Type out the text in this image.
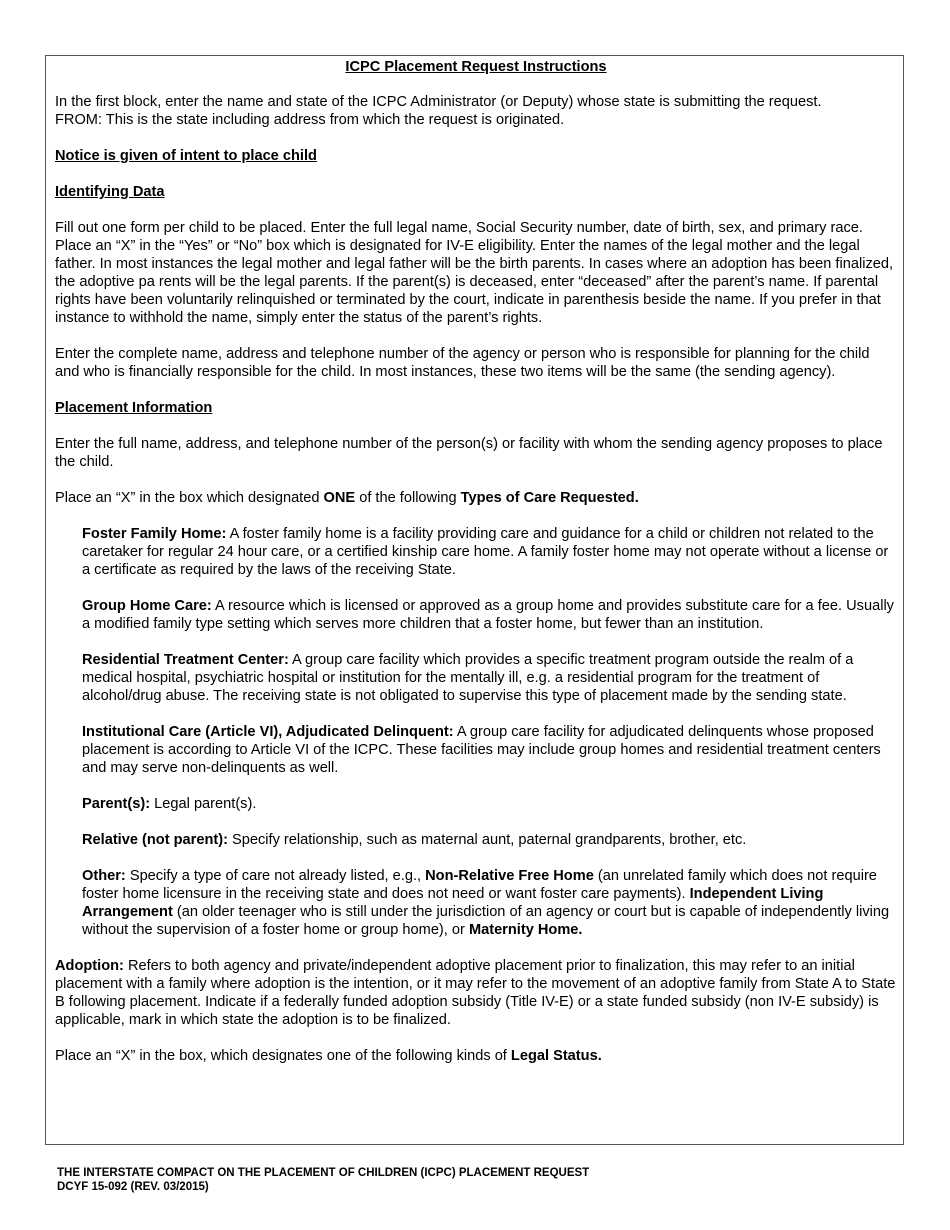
ICPC Placement Request Instructions

In the first block, enter the name and state of the ICPC Administrator (or Deputy) whose state is submitting the request.
FROM: This is the state including address from which the request is originated.

Notice is given of intent to place child
Identifying Data

Fill out one form per child to be placed. Enter the full legal name, Social Security number, date of birth, sex, and primary race. Place an “X” in the “Yes” or “No” box which is designated for IV-E eligibility. Enter the names of the legal mother and the legal father. In most instances the legal mother and legal father will be the birth parents. In cases where an adoption has been finalized, the adoptive pa rents will be the legal parents. If the parent(s) is deceased, enter “deceased” after the parent’s name. If parental rights have been voluntarily relinquished or terminated by the court, indicate in parenthesis beside the name. If you prefer in that instance to withhold the name, simply enter the status of the parent’s rights.

Enter the complete name, address and telephone number of the agency or person who is responsible for planning for the child and who is financially responsible for the child. In most instances, these two items will be the same (the sending agency).

Placement Information

Enter the full name, address, and telephone number of the person(s) or facility with whom the sending agency proposes to place the child.

Place an “X” in the box which designated ONE of the following Types of Care Requested.

Foster Family Home: A foster family home is a facility providing care and guidance for a child or children not related to the caretaker for regular 24 hour care, or a certified kinship care home. A family foster home may not operate without a license or a certificate as required by the laws of the receiving State.

Group Home Care: A resource which is licensed or approved as a group home and provides substitute care for a fee. Usually a modified family type setting which serves more children that a foster home, but fewer than an institution.

Residential Treatment Center: A group care facility which provides a specific treatment program outside the realm of a medical hospital, psychiatric hospital or institution for the mentally ill, e.g. a residential program for the treatment of alcohol/drug abuse. The receiving state is not obligated to supervise this type of placement made by the sending state.

Institutional Care (Article VI), Adjudicated Delinquent: A group care facility for adjudicated delinquents whose proposed placement is according to Article VI of the ICPC. These facilities may include group homes and residential treatment centers and may serve non-delinquents as well.

Parent(s): Legal parent(s).

Relative (not parent): Specify relationship, such as maternal aunt, paternal grandparents, brother, etc.

Other: Specify a type of care not already listed, e.g., Non-Relative Free Home (an unrelated family which does not require foster home licensure in the receiving state and does not need or want foster care payments). Independent Living Arrangement (an older teenager who is still under the jurisdiction of an agency or court but is capable of independently living without the supervision of a foster home or group home), or Maternity Home.

Adoption: Refers to both agency and private/independent adoptive placement prior to finalization, this may refer to an initial placement with a family where adoption is the intention, or it may refer to the movement of an adoptive family from State A to State B following placement. Indicate if a federally funded adoption subsidy (Title IV-E) or a state funded subsidy (non IV-E subsidy) is applicable, mark in which state the adoption is to be finalized.

Place an “X” in the box, which designates one of the following kinds of Legal Status.

THE INTERSTATE COMPACT ON THE PLACEMENT OF CHILDREN (ICPC) PLACEMENT REQUEST
DCYF 15-092 (REV. 03/2015)
